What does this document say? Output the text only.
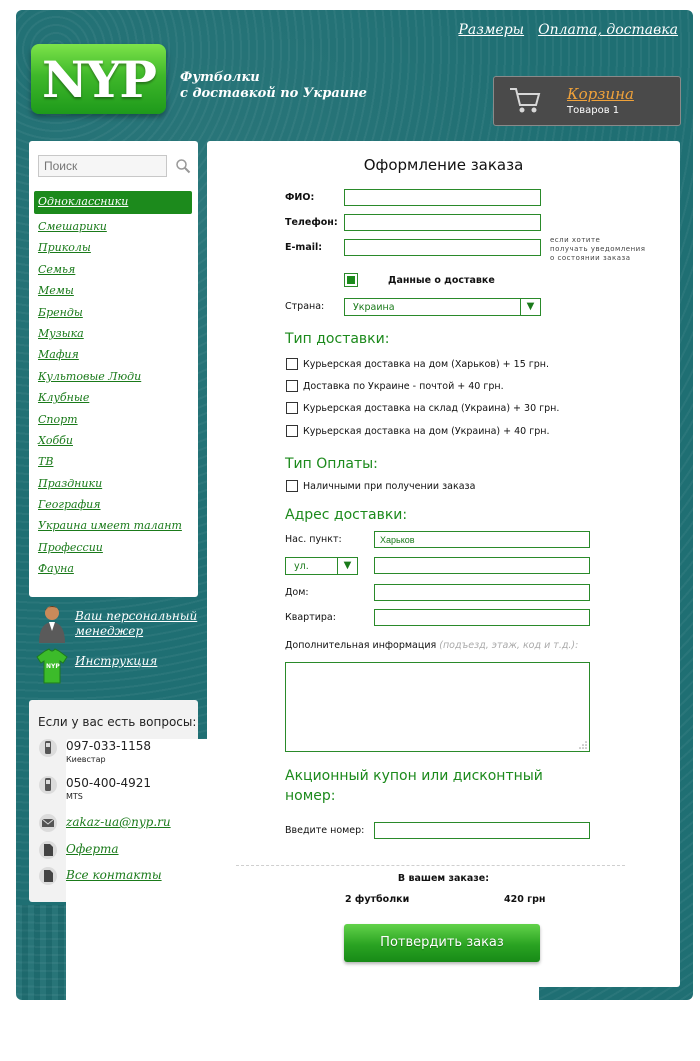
Размеры Оплата, доставка
NYP Футболки
с доставкой по Украине	Корзина
Товаров 1
Поиск
Одноклассники
Смешарики
Приколы
Семья
Мемы
Бренды
Музыка
Мафия
Культовые Люди
Клубные
Спорт
Хобби
ТВ
Праздники
География
Украина имеет талант
Профессии
Фауна
Ваш персональный менеджер
NYP Инструкция
Если у вас есть вопросы:
097-033-1158
Киевстар
050-400-4921
MTS
zakaz-ua@nyp.ru
Оферта
Все контакты
Оформление заказа
ФИО:
Телефон:
E-mail:
если хотите
получать уведомления
о состоянии заказа
Данные о доставке
Страна:	Украина	▼
Тип доставки:
Курьерская доставка на дом (Харьков) + 15 грн.
Доставка по Украине - почтой + 40 грн.
Курьерская доставка на склад (Украина) + 30 грн.
Курьерская доставка на дом (Украина) + 40 грн.
Тип Оплаты:
Наличными при получении заказа
Адрес доставки:
Нас. пункт:
Харьков
ул.	▼
Дом:
Квартира:
Дополнительная информация (подъезд, этаж, код и т.д.):
Акционный купон или дисконтный номер:
Введите номер:
В вашем заказе:
2 футболки	420 грн
Потвердить заказ
